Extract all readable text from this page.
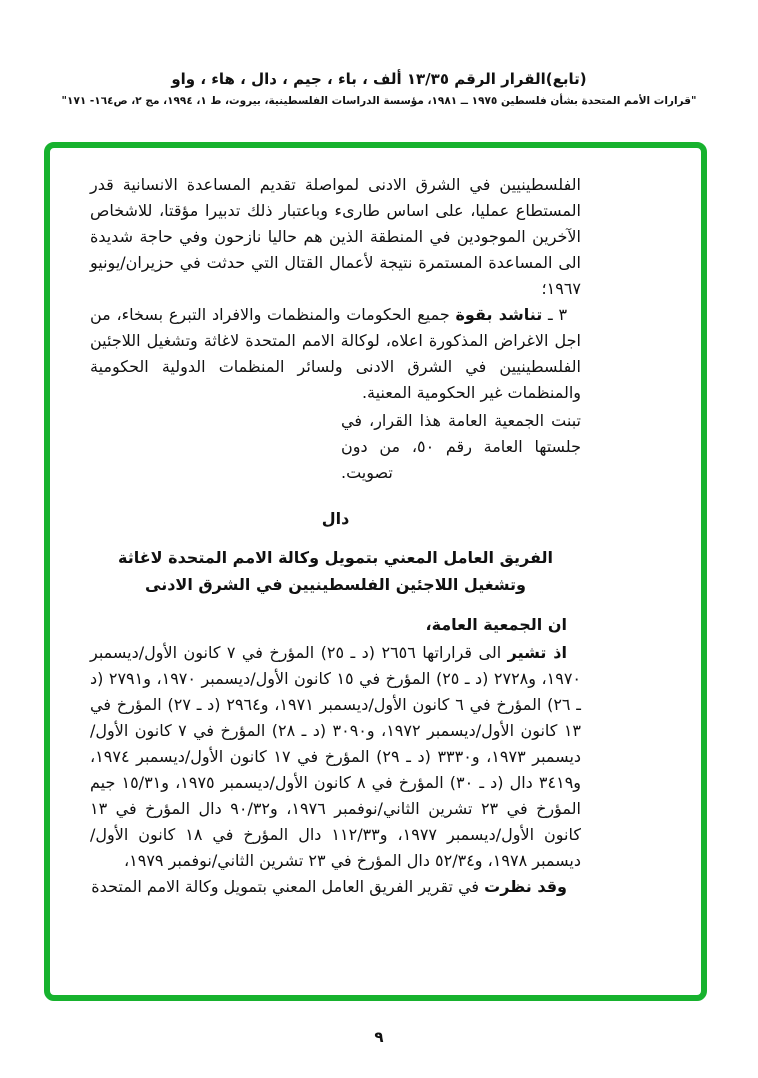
(تابع)القرار الرقم ١٣/٣٥ ألف ، باء ، جيم ، دال ، هاء ، واو
"قرارات الأمم المتحدة بشأن فلسطين ١٩٧٥ ــ ١٩٨١، مؤسسة الدراسات الفلسطينية، بيروت، ط ١، ١٩٩٤، مج ٢، ص١٦٤- ١٧١"

الفلسطينيين في الشرق الادنى لمواصلة تقديم المساعدة الانسانية قدر المستطاع عمليا، على اساس طارىء وباعتبار ذلك تدبيرا مؤقتا، للاشخاص الآخرين الموجودين في المنطقة الذين هم حاليا نازحون وفي حاجة شديدة الى المساعدة المستمرة نتيجة لأعمال القتال التي حدثت في حزيران/يونيو ١٩٦٧؛

٣ ـ تناشد بقوة جميع الحكومات والمنظمات والافراد التبرع بسخاء، من اجل الاغراض المذكورة اعلاه، لوكالة الامم المتحدة لاغاثة وتشغيل اللاجئين الفلسطينيين في الشرق الادنى ولسائر المنظمات الدولية الحكومية والمنظمات غير الحكومية المعنية.

تبنت الجمعية العامة هذا القرار، في جلستها العامة رقم ٥٠، من دون تصويت.
دال
الفريق العامل المعني بتمويل وكالة الامم المتحدة لاغاثة
وتشغيل اللاجئين الفلسطينيين في الشرق الادنى

ان الجمعية العامة،

اذ تشير الى قراراتها ٢٦٥٦ (د ـ ٢٥) المؤرخ في ٧ كانون الأول/ديسمبر ١٩٧٠، و٢٧٢٨ (د ـ ٢٥) المؤرخ في ١٥ كانون الأول/ديسمبر ١٩٧٠، و٢٧٩١ (د ـ ٢٦) المؤرخ في ٦ كانون الأول/ديسمبر ١٩٧١، و٢٩٦٤ (د ـ ٢٧) المؤرخ في ١٣ كانون الأول/ديسمبر ١٩٧٢، و٣٠٩٠ (د ـ ٢٨) المؤرخ في ٧ كانون الأول/ديسمبر ١٩٧٣، و٣٣٣٠ (د ـ ٢٩) المؤرخ في ١٧ كانون الأول/ديسمبر ١٩٧٤، و٣٤١٩ دال (د ـ ٣٠) المؤرخ في ٨ كانون الأول/ديسمبر ١٩٧٥، و١٥/٣١ جيم المؤرخ في ٢٣ تشرين الثاني/نوفمبر ١٩٧٦، و٩٠/٣٢ دال المؤرخ في ١٣ كانون الأول/ديسمبر ١٩٧٧، و١١٢/٣٣ دال المؤرخ في ١٨ كانون الأول/ديسمبر ١٩٧٨، و٥٢/٣٤ دال المؤرخ في ٢٣ تشرين الثاني/نوفمبر ١٩٧٩،

وقد نظرت في تقرير الفريق العامل المعني بتمويل وكالة الامم المتحدة

٩
